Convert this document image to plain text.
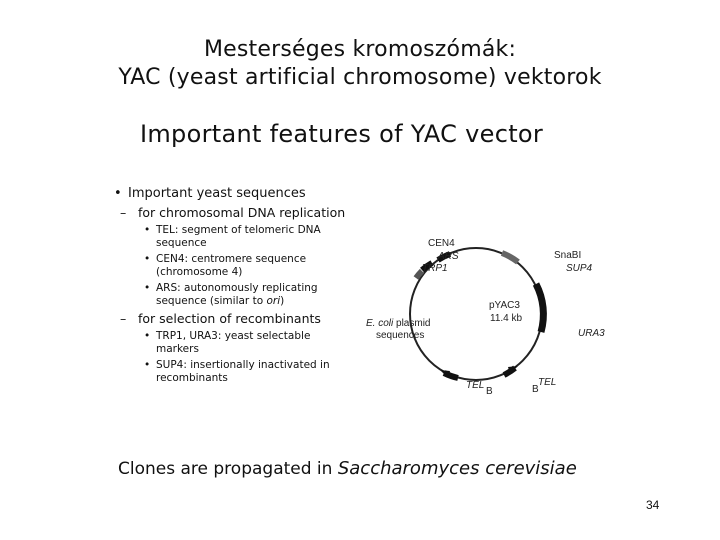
Mesterséges kromoszómák:
YAC (yeast artificial chromosome) vektorok
Important features of YAC vector
• Important yeast sequences
– for chromosomal DNA replication
• TEL: segment of telomeric DNA sequence
• CEN4: centromere sequence (chromosome 4)
• ARS: autonomously replicating sequence (similar to ori)
– for selection of recombinants
• TRP1, URA3: yeast selectable markers
• SUP4: insertionally inactivated in recombinants
CEN4
ARS
TRP1
SnaBI
SUP4
URA3
pYAC3
11.4 kb
E. coli plasmid
sequences
TEL
B
TEL
B
Clones are propagated in Saccharomyces cerevisiae
34
